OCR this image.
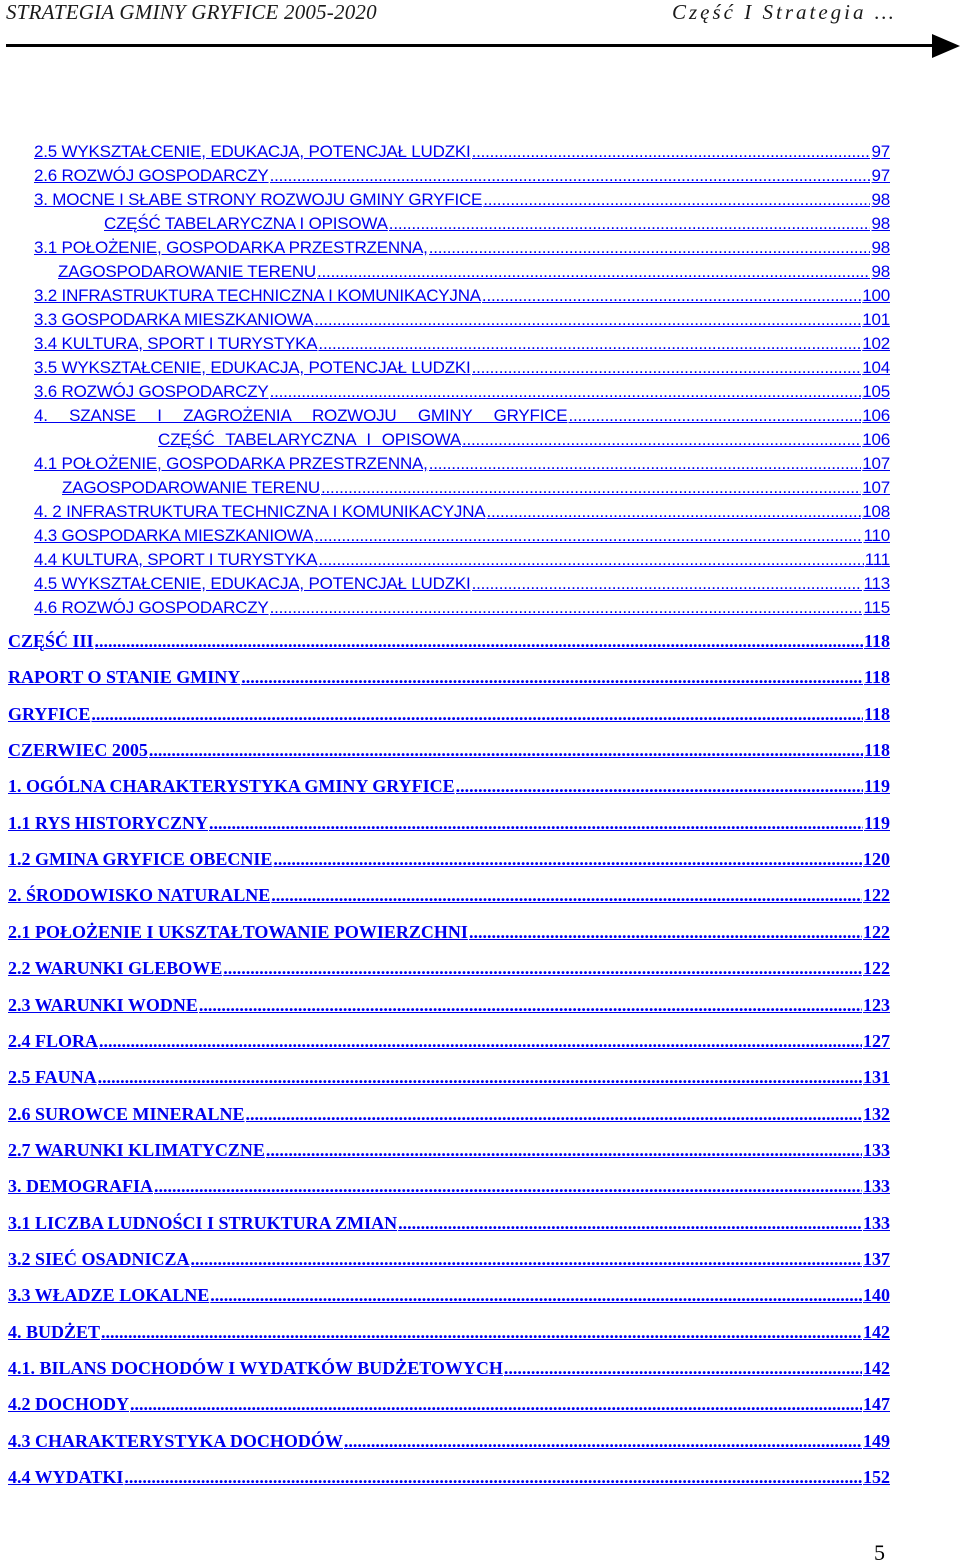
STRATEGIA GMINY GRYFICE 2005-2020	Część I Strategia …
2.5 WYKSZTAŁCENIE, EDUKACJA, POTENCJAŁ LUDZKI .....	97
2.6 ROZWÓJ GOSPODARCZY .....	97
3. MOCNE I SŁABE STRONY ROZWOJU GMINY GRYFICE .....	98
CZĘŚĆ TABELARYCZNA I OPISOWA .....	98
3.1 POŁOŻENIE, GOSPODARKA PRZESTRZENNA, .....	98
ZAGOSPODAROWANIE TERENU .....	98
3.2 INFRASTRUKTURA TECHNICZNA I KOMUNIKACYJNA .....	100
3.3 GOSPODARKA MIESZKANIOWA .....	101
3.4 KULTURA, SPORT I TURYSTYKA .....	102
3.5 WYKSZTAŁCENIE, EDUKACJA, POTENCJAŁ LUDZKI .....	104
3.6 ROZWÓJ GOSPODARCZY .....	105
4. SZANSE I ZAGROŻENIA ROZWOJU GMINY GRYFICE .....	106
CZĘŚĆ TABELARYCZNA I OPISOWA .....	106
4.1 POŁOŻENIE, GOSPODARKA PRZESTRZENNA, .....	107
ZAGOSPODAROWANIE TERENU .....	107
4. 2 INFRASTRUKTURA TECHNICZNA I KOMUNIKACYJNA .....	108
4.3 GOSPODARKA MIESZKANIOWA .....	110
4.4 KULTURA, SPORT I TURYSTYKA .....	111
4.5 WYKSZTAŁCENIE, EDUKACJA, POTENCJAŁ LUDZKI .....	113
4.6 ROZWÓJ GOSPODARCZY .....	115
CZĘŚĆ III .....	118
RAPORT O STANIE GMINY .....	118
GRYFICE .....	118
CZERWIEC 2005 .....	118
1. OGÓLNA CHARAKTERYSTYKA GMINY GRYFICE .....	119
1.1 RYS HISTORYCZNY .....	119
1.2 GMINA GRYFICE OBECNIE .....	120
2. ŚRODOWISKO NATURALNE .....	122
2.1 POŁOŻENIE I UKSZTAŁTOWANIE POWIERZCHNI .....	122
2.2 WARUNKI GLEBOWE .....	122
2.3 WARUNKI WODNE .....	123
2.4 FLORA .....	127
2.5 FAUNA .....	131
2.6 SUROWCE MINERALNE .....	132
2.7 WARUNKI KLIMATYCZNE .....	133
3. DEMOGRAFIA .....	133
3.1 LICZBA LUDNOŚCI I STRUKTURA ZMIAN .....	133
3.2 SIEĆ OSADNICZA .....	137
3.3 WŁADZE LOKALNE .....	140
4. BUDŻET .....	142
4.1. BILANS DOCHODÓW I WYDATKÓW BUDŻETOWYCH .....	142
4.2 DOCHODY .....	147
4.3 CHARAKTERYSTYKA DOCHODÓW .....	149
4.4 WYDATKI .....	152
5
